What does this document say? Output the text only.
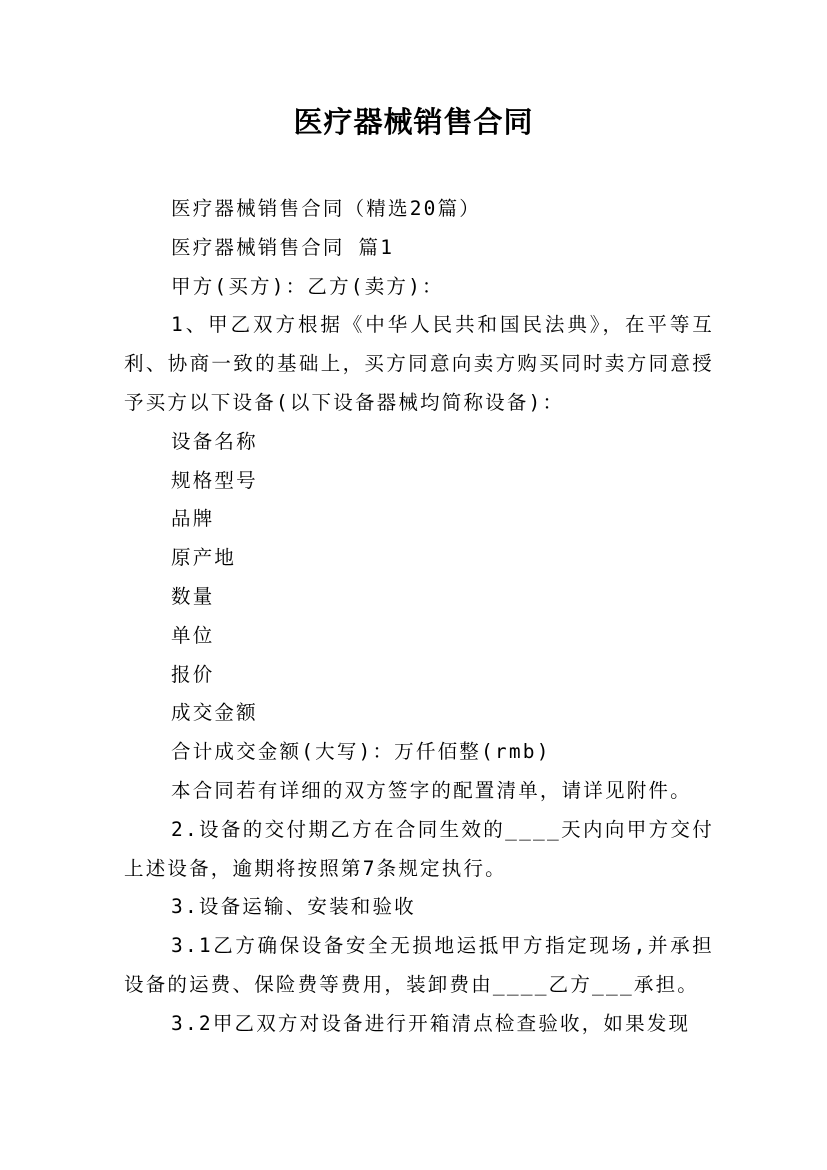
医疗器械销售合同

医疗器械销售合同（精选20篇）

医疗器械销售合同 篇1

甲方(买方)：乙方(卖方)：

1、甲乙双方根据《中华人民共和国民法典》，在平等互利、协商一致的基础上，买方同意向卖方购买同时卖方同意授予买方以下设备(以下设备器械均简称设备)：

设备名称

规格型号

品牌

原产地

数量

单位

报价

成交金额

合计成交金额(大写)：万仟佰整(rmb)

本合同若有详细的双方签字的配置清单，请详见附件。

2.设备的交付期乙方在合同生效的____天内向甲方交付上述设备，逾期将按照第7条规定执行。

3.设备运输、安装和验收

3.1乙方确保设备安全无损地运抵甲方指定现场,并承担设备的运费、保险费等费用，装卸费由____乙方___承担。

3.2甲乙双方对设备进行开箱清点检查验收，如果发现
